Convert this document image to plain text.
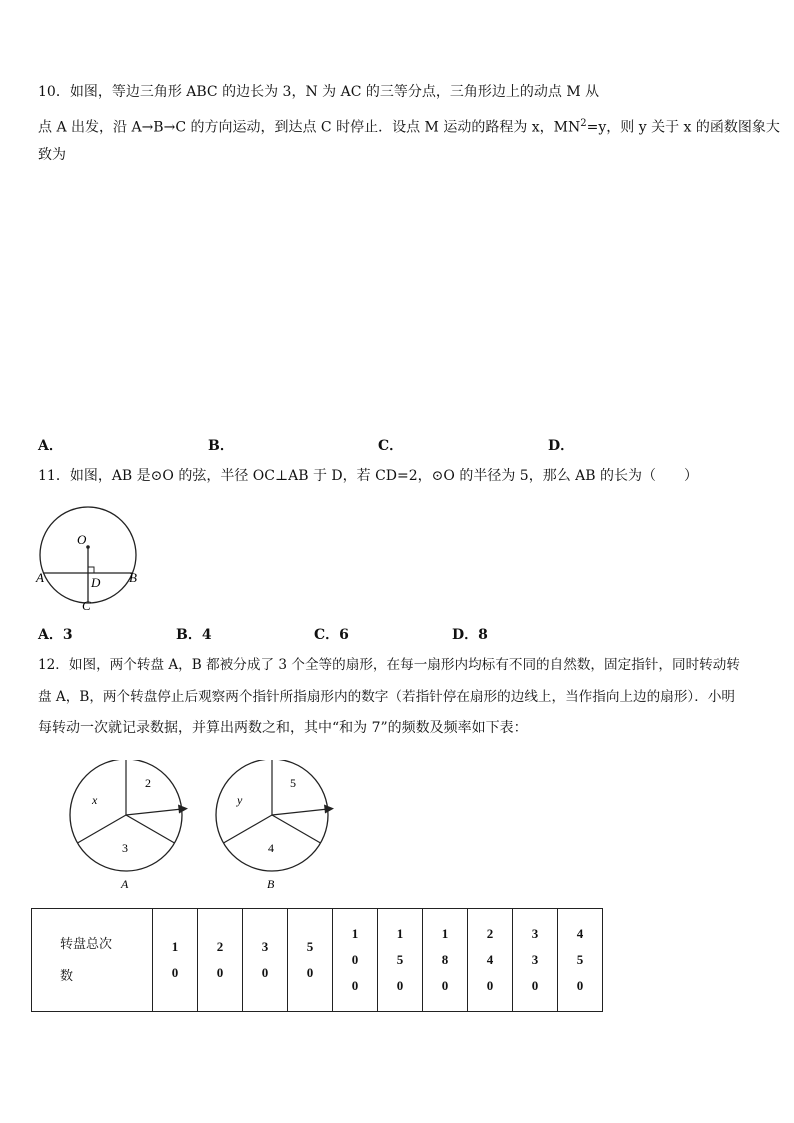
10．如图，等边三角形 ABC 的边长为 3，N 为 AC 的三等分点，三角形边上的动点 M 从
点 A 出发，沿 A→B→C 的方向运动，到达点 C 时停止．设点 M 运动的路程为 x，$MN^2=y$，则 y 关于 x 的函数图象大
致为
A．	B．	C．	D．
11．如图，AB 是⊙O 的弦，半径 OC⊥AB 于 D，若 CD=2，⊙O 的半径为 5，那么 AB 的长为（　　）
O
A	B
D
C
A．3	B．4	C．6	D．8
12．如图，两个转盘 A，B 都被分成了 3 个全等的扇形，在每一扇形内均标有不同的自然数，固定指针，同时转动转
盘 A，B，两个转盘停止后观察两个指针所指扇形内的数字（若指针停在扇形的边线上，当作指向上边的扇形）．小明
每转动一次就记录数据，并算出两数之和，其中“和为 7”的频数及频率如下表：
2
x
3
A
5
y
4
B
转盘总次
数

1
0

2
0

3
0

5
0

1
0
0

1
5
0

1
8
0

2
4
0

3
3
0

4
5
0
